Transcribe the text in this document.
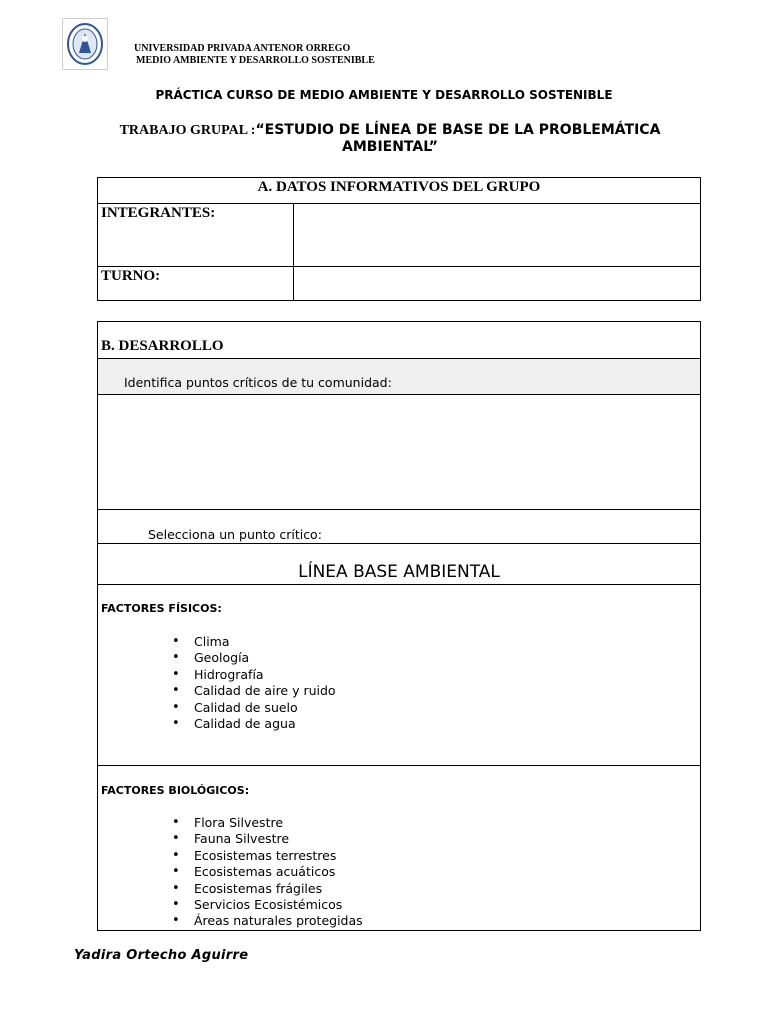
UNIVERSIDAD PRIVADA ANTENOR ORREGO
MEDIO AMBIENTE Y DESARROLLO SOSTENIBLE
PRÁCTICA CURSO DE MEDIO AMBIENTE Y DESARROLLO SOSTENIBLE
TRABAJO GRUPAL :“ESTUDIO DE LÍNEA DE BASE DE LA PROBLEMÁTICA
AMBIENTAL”
A. DATOS INFORMATIVOS DEL GRUPO
INTEGRANTES:
TURNO:
B. DESARROLLO
Identifica puntos críticos de tu comunidad:
Selecciona un punto crítico:
LÍNEA BASE AMBIENTAL
FACTORES FÍSICOS:
• Clima
• Geología
• Hidrografía
• Calidad de aire y ruido
• Calidad de suelo
• Calidad de agua
FACTORES BIOLÓGICOS:
• Flora Silvestre
• Fauna Silvestre
• Ecosistemas terrestres
• Ecosistemas acuáticos
• Ecosistemas frágiles
• Servicios Ecosistémicos
• Áreas naturales protegidas
Yadira Ortecho Aguirre
